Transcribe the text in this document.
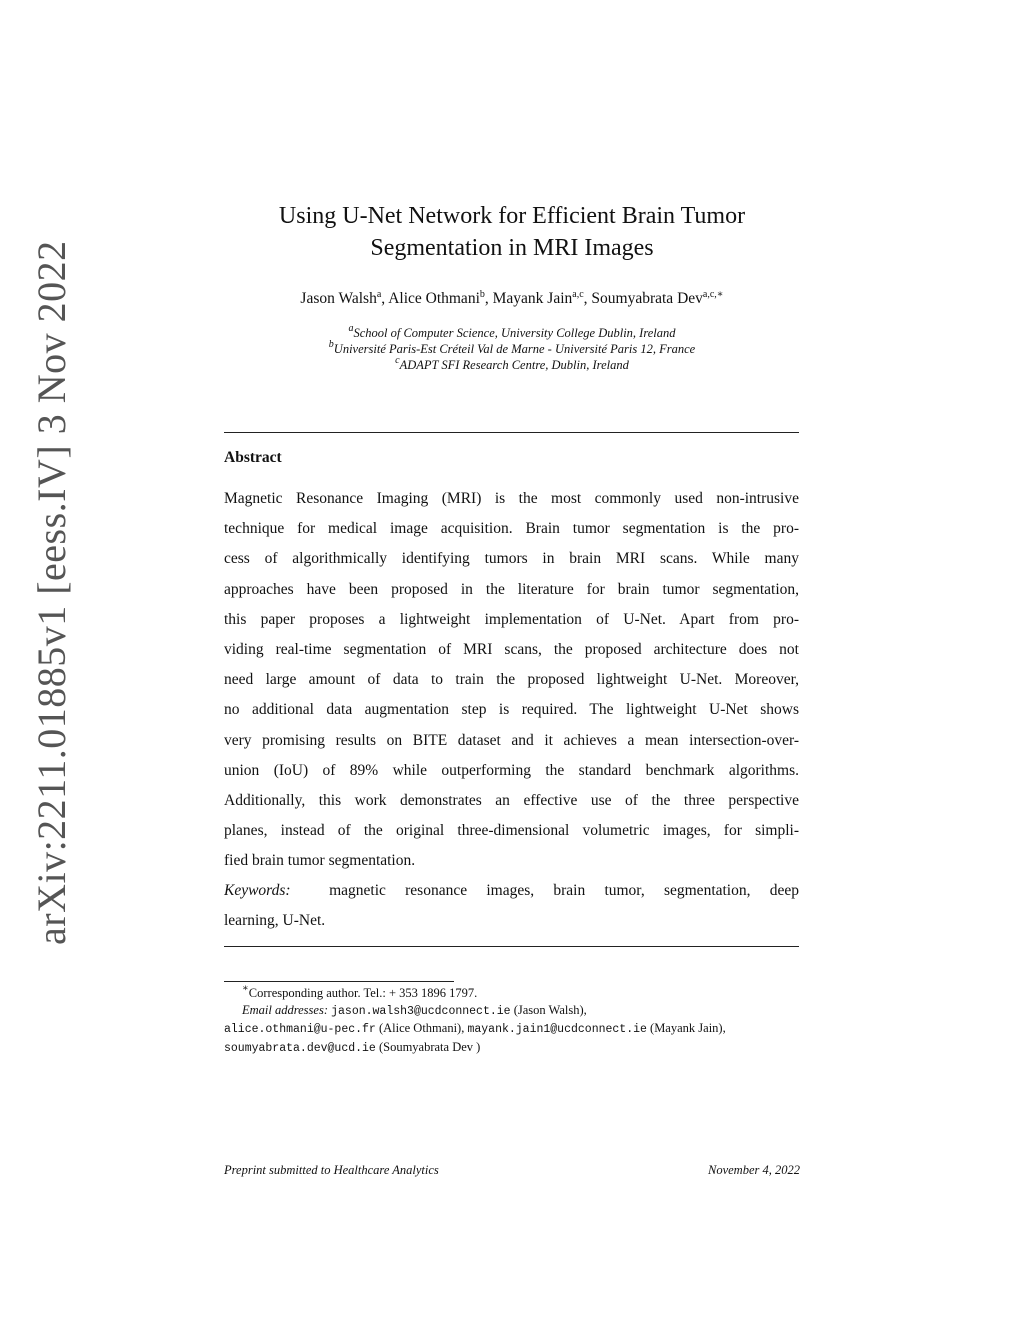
arXiv:2211.01885v1 [eess.IV] 3 Nov 2022
Using U-Net Network for Efficient Brain Tumor
Segmentation in MRI Images
Jason Walsh$^a$, Alice Othmani$^b$, Mayank Jain$^{a,c}$, Soumyabrata Dev$^{a,c,∗}$
$^a$School of Computer Science, University College Dublin, Ireland
$^b$Université Paris-Est Créteil Val de Marne - Université Paris 12, France
$^c$ADAPT SFI Research Centre, Dublin, Ireland
Abstract
Magnetic Resonance Imaging (MRI) is the most commonly used non-intrusive
technique for medical image acquisition. Brain tumor segmentation is the pro-
cess of algorithmically identifying tumors in brain MRI scans. While many
approaches have been proposed in the literature for brain tumor segmentation,
this paper proposes a lightweight implementation of U-Net. Apart from pro-
viding real-time segmentation of MRI scans, the proposed architecture does not
need large amount of data to train the proposed lightweight U-Net. Moreover,
no additional data augmentation step is required. The lightweight U-Net shows
very promising results on BITE dataset and it achieves a mean intersection-over-
union (IoU) of 89% while outperforming the standard benchmark algorithms.
Additionally, this work demonstrates an effective use of the three perspective
planes, instead of the original three-dimensional volumetric images, for simpli-
fied brain tumor segmentation.
Keywords: magnetic resonance images, brain tumor, segmentation, deep
learning, U-Net.
∗Corresponding author. Tel.: + 353 1896 1797.
Email addresses: jason.walsh3@ucdconnect.ie (Jason Walsh),
alice.othmani@u-pec.fr (Alice Othmani), mayank.jain1@ucdconnect.ie (Mayank Jain),
soumyabrata.dev@ucd.ie (Soumyabrata Dev )
Preprint submitted to Healthcare Analytics	November 4, 2022
